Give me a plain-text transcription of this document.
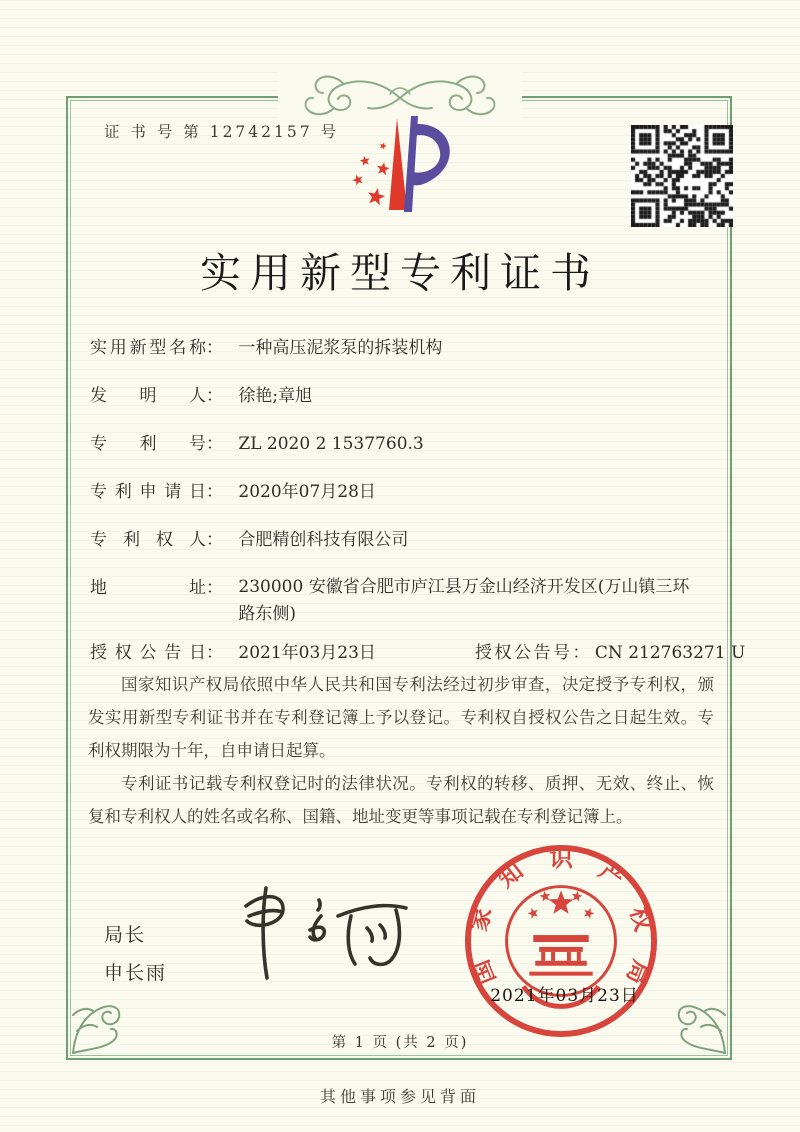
证 书 号 第 12742157 号
实用新型专利证书
实用新型名称： 一种高压泥浆泵的拆装机构
发明人： 徐艳;章旭
专利号： ZL 2020 2 1537760.3
专利申请日： 2020年07月28日
专利权人： 合肥精创科技有限公司
地址： 230000 安徽省合肥市庐江县万金山经济开发区(万山镇三环路东侧)
授权公告日： 2021年03月23日	授权公告号： CN 212763271 U

国家知识产权局依照中华人民共和国专利法经过初步审查，决定授予专利权，颁发实用新型专利证书并在专利登记簿上予以登记。专利权自授权公告之日起生效。专利权期限为十年，自申请日起算。

专利证书记载专利权登记时的法律状况。专利权的转移、质押、无效、终止、恢复和专利权人的姓名或名称、国籍、地址变更等事项记载在专利登记簿上。

局长
申长雨	国
家
知 识 产
权
局
2021年03月23日
第 1 页 (共 2 页)
其他事项参见背面
